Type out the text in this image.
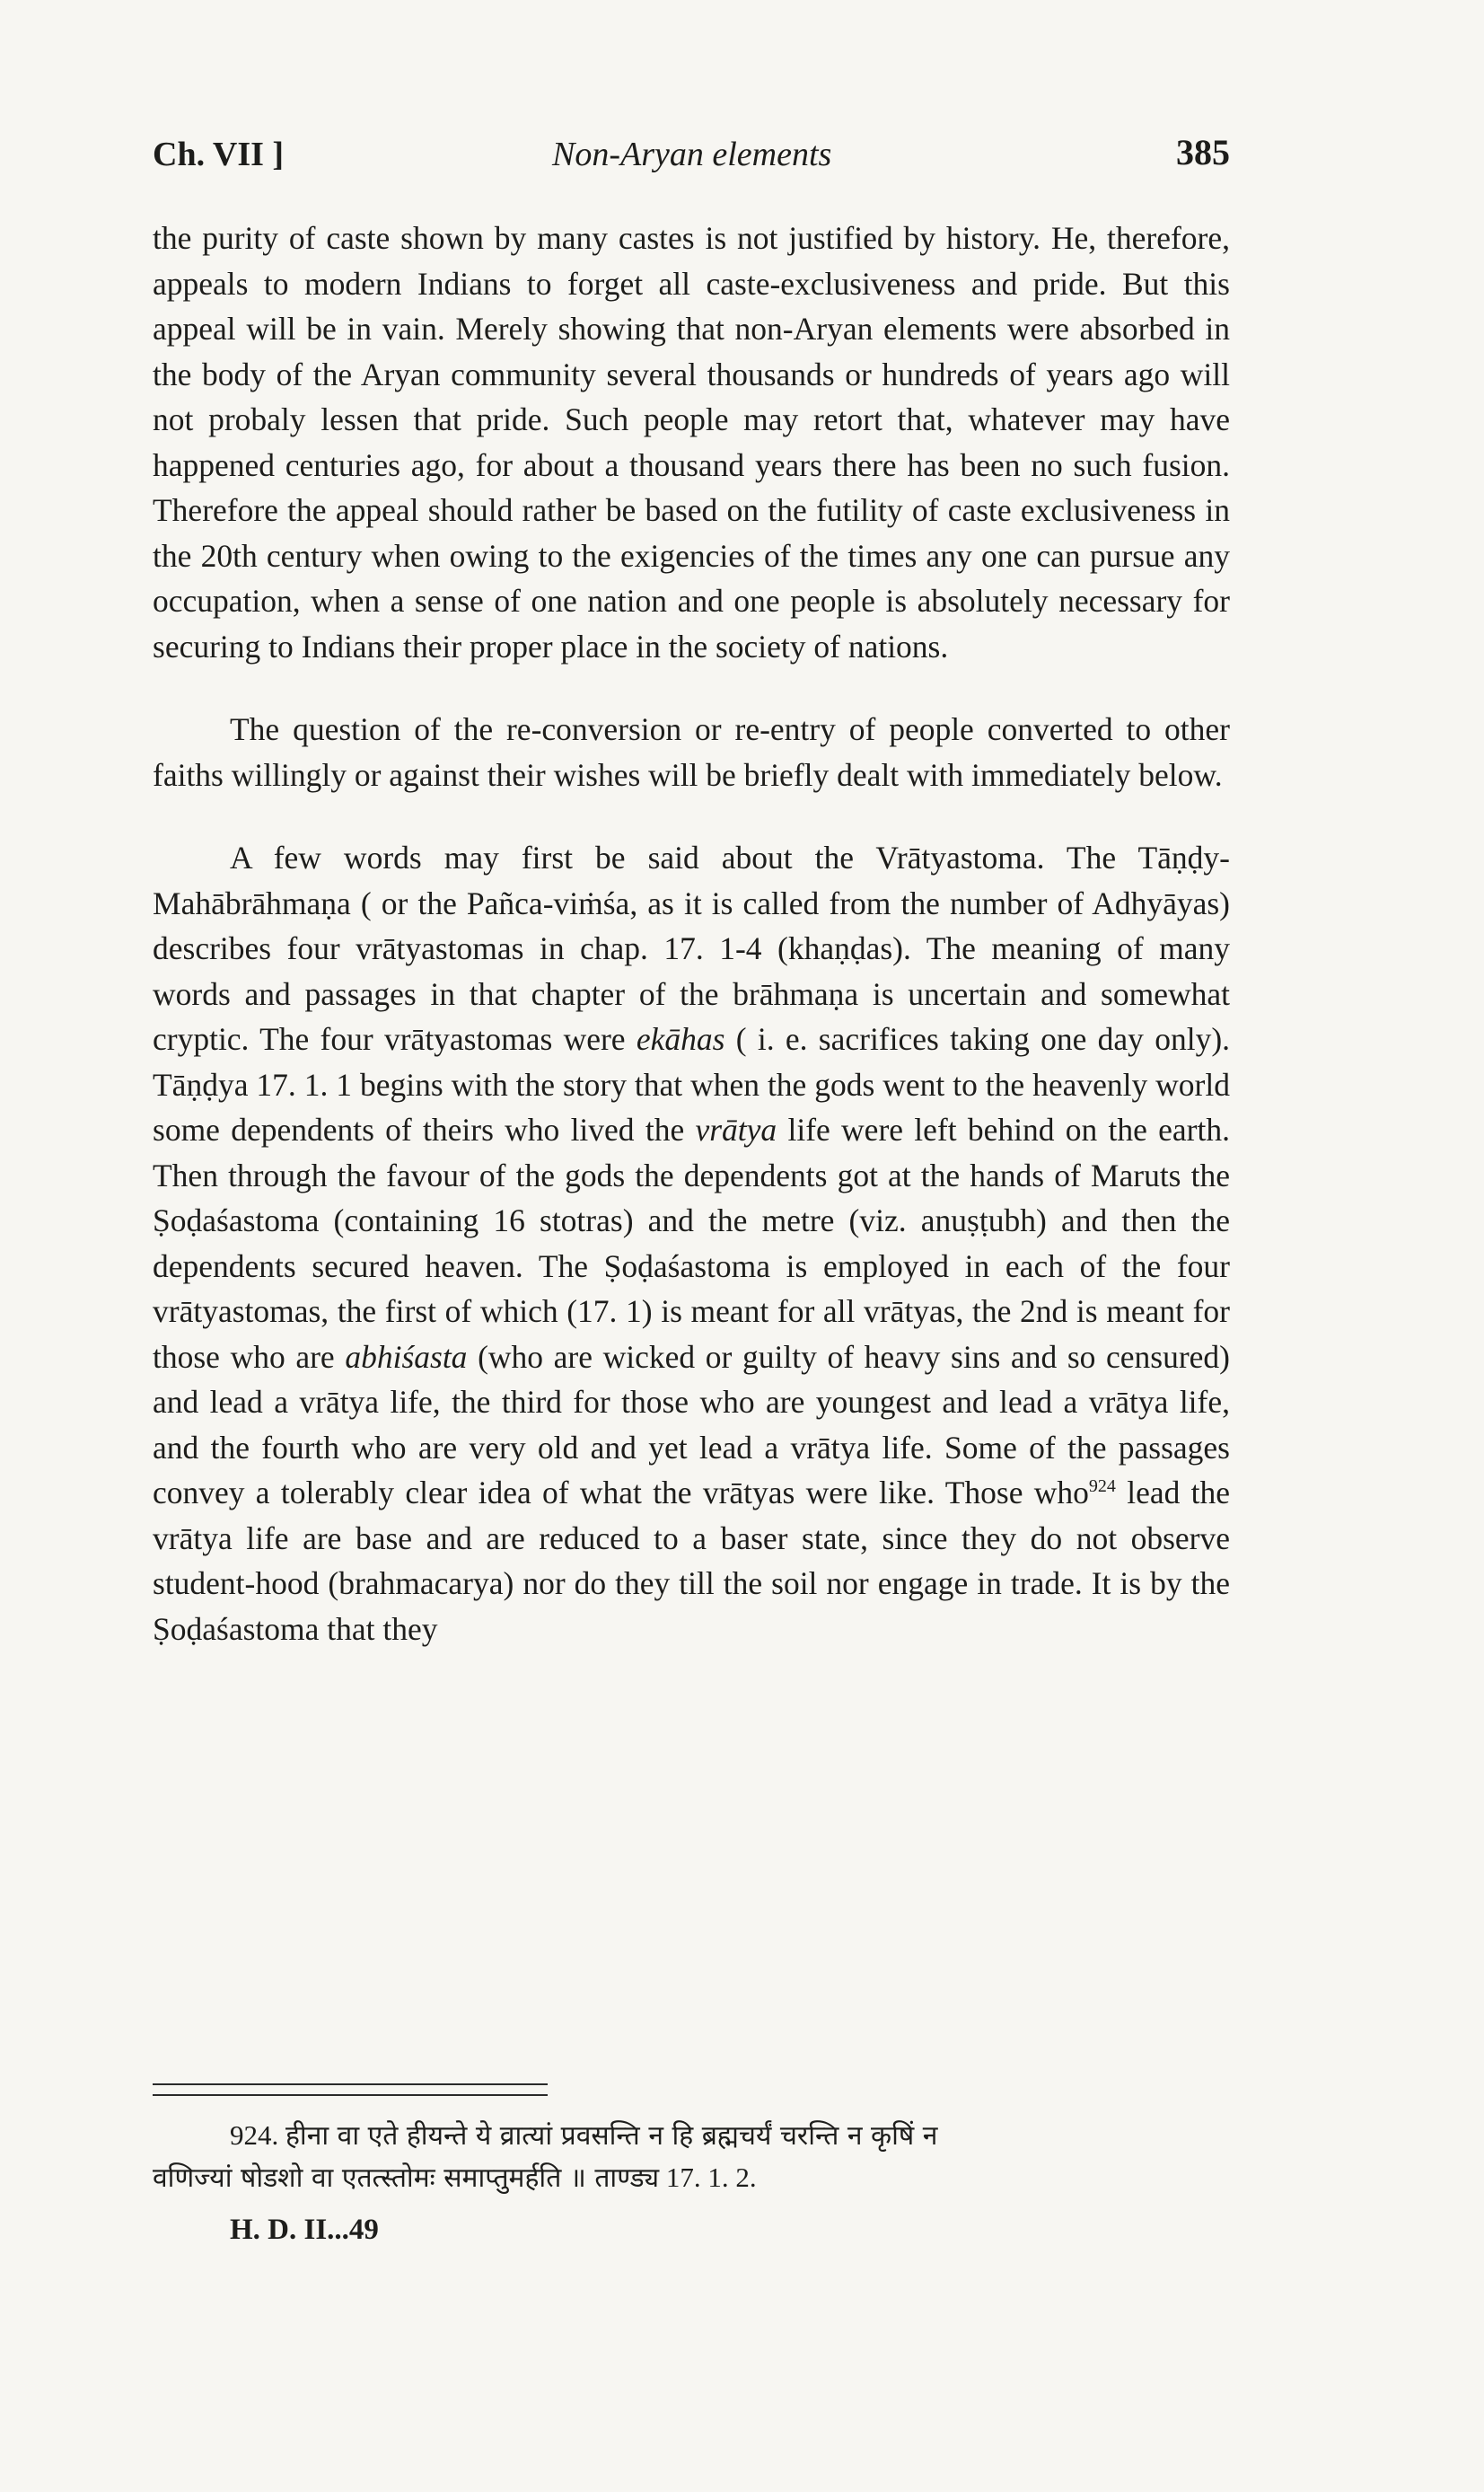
Ch. VII ]	Non-Aryan elements	385

the purity of caste shown by many castes is not justified by history. He, therefore, appeals to modern Indians to forget all caste-exclusiveness and pride. But this appeal will be in vain. Merely showing that non-Aryan elements were absorbed in the body of the Aryan community several thousands or hundreds of years ago will not probaly lessen that pride. Such people may retort that, whatever may have happened centuries ago, for about a thousand years there has been no such fusion. Therefore the appeal should rather be based on the futility of caste exclusiveness in the 20th century when owing to the exigencies of the times any one can pursue any occupation, when a sense of one nation and one people is absolutely necessary for securing to Indians their proper place in the society of nations.

The question of the re-conversion or re-entry of people converted to other faiths willingly or against their wishes will be briefly dealt with immediately below.

A few words may first be said about the Vrātyastoma. The Tāṇḍy-Mahābrāhmaṇa ( or the Pañca-viṁśa, as it is called from the number of Adhyāyas) describes four vrātyastomas in chap. 17. 1-4 (khaṇḍas). The meaning of many words and passages in that chapter of the brāhmaṇa is uncertain and somewhat cryptic. The four vrātyastomas were ekāhas ( i. e. sacrifices taking one day only). Tāṇḍya 17. 1. 1 begins with the story that when the gods went to the heavenly world some dependents of theirs who lived the vrātya life were left behind on the earth. Then through the favour of the gods the dependents got at the hands of Maruts the Ṣoḍaśastoma (containing 16 stotras) and the metre (viz. anuṣṭubh) and then the dependents secured heaven. The Ṣoḍaśastoma is employed in each of the four vrātyastomas, the first of which (17. 1) is meant for all vrātyas, the 2nd is meant for those who are abhiśasta (who are wicked or guilty of heavy sins and so censured) and lead a vrātya life, the third for those who are youngest and lead a vrātya life, and the fourth who are very old and yet lead a vrātya life. Some of the passages convey a tolerably clear idea of what the vrātyas were like. Those who$^{924}$ lead the vrātya life are base and are reduced to a baser state, since they do not observe student-hood (brahmacarya) nor do they till the soil nor engage in trade. It is by the Ṣoḍaśastoma that they

924. हीना वा एते हीयन्ते ये व्रात्यां प्रवसन्ति न हि ब्रह्मचर्यं चरन्ति न कृषिं न

वणिज्यां षोडशो वा एतत्स्तोमः समाप्तुमर्हति ॥ ताण्ड्य 17. 1. 2.

H. D. II...49
